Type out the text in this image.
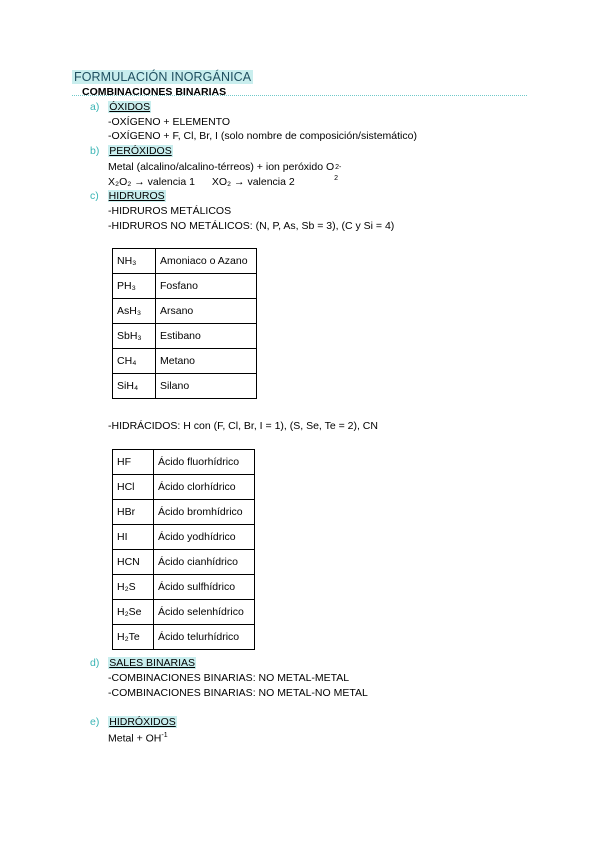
FORMULACIÓN INORGÁNICA
COMBINACIONES BINARIAS
a) ÓXIDOS
-OXÍGENO + ELEMENTO
-OXÍGENO + F, Cl, Br, I (solo nombre de composición/sistemático)
b) PERÓXIDOS
Metal (alcalino/alcalino-térreos) + ion peróxido O
2
2-
X₂O₂ → valencia 1 XO₂ → valencia 2
c) HIDRUROS
-HIDRUROS METÁLICOS
-HIDRUROS NO METÁLICOS: (N, P, As, Sb = 3), (C y Si = 4)
NH₃	Amoniaco o Azano
PH₃	Fosfano
AsH₃	Arsano
SbH₃	Estibano
CH₄	Metano
SiH₄	Silano
-HIDRÁCIDOS: H con (F, Cl, Br, I = 1), (S, Se, Te = 2), CN
HF	Ácido fluorhídrico
HCl	Ácido clorhídrico
HBr	Ácido bromhídrico
HI	Ácido yodhídrico
HCN	Ácido cianhídrico
H₂S	Ácido sulfhídrico
H₂Se	Ácido selenhídrico
H₂Te	Ácido telurhídrico
d) SALES BINARIAS
-COMBINACIONES BINARIAS: NO METAL-METAL
-COMBINACIONES BINARIAS: NO METAL-NO METAL
e) HIDRÓXIDOS
Metal + $OH^{-1}$
